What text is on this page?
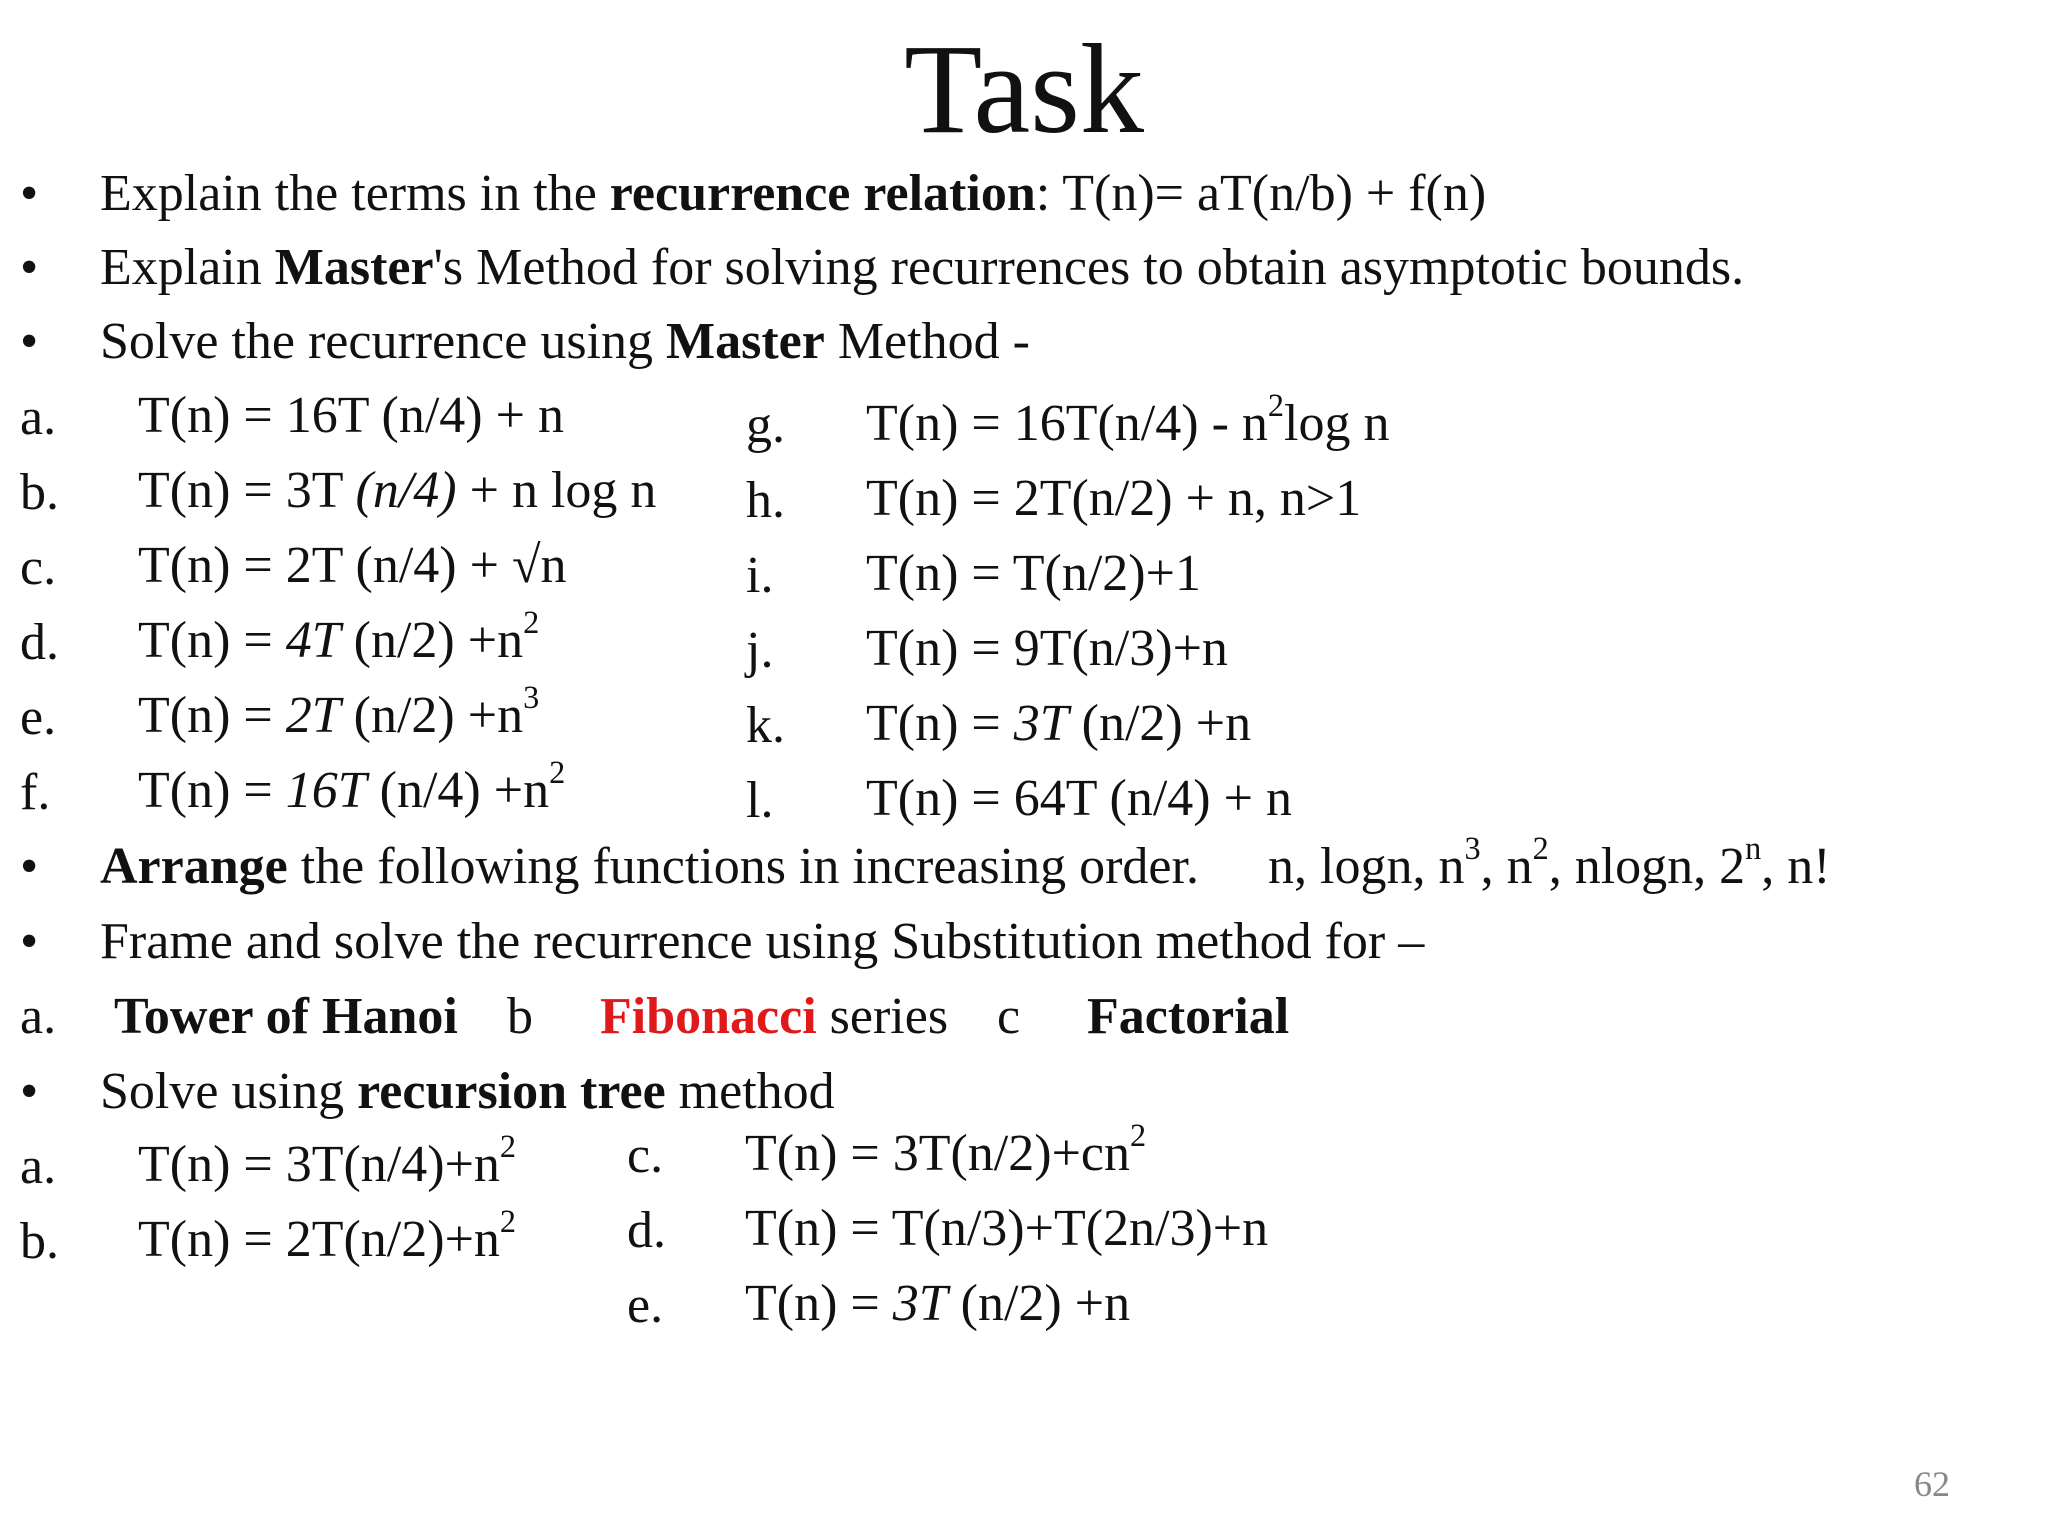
Task
• Explain the terms in the recurrence relation: T(n)= aT(n/b) + f(n)
• Explain Master's Method for solving recurrences to obtain asymptotic bounds.
• Solve the recurrence using Master Method -
a. T(n) = 16T (n/4) + n
b. T(n) = 3T (n/4) + n log n
c. T(n) = 2T (n/4) + √n
d. T(n) = 4T $(n/2) +n^2$
e. T(n) = 2T $(n/2) +n^3$
f. T(n) = 16T $(n/4) +n^2$
g. $T(n) = 16T(n/4) - n^2\log$ n
h. T(n) = 2T(n/2) + n, n>1
i. T(n) = T(n/2)+1
j. T(n) = 9T(n/3)+n
k. T(n) = 3T (n/2) +n
l. T(n) = 64T (n/4) + n
• Arrange the following functions in increasing order. n, logn, $n^3$, $n^2$, nlogn, 2$^n$, n!
• Frame and solve the recurrence using Substitution method for –
a. Tower of Hanoi b Fibonacci series c Factorial
• Solve using recursion tree method
a. $T(n) = 3T(n/4)+n^2$
b. $T(n) = 2T(n/2)+n^2$
c. $T(n) = 3T(n/2)+cn^2$
d. T(n) = T(n/3)+T(2n/3)+n
e. T(n) = 3T (n/2) +n
62
